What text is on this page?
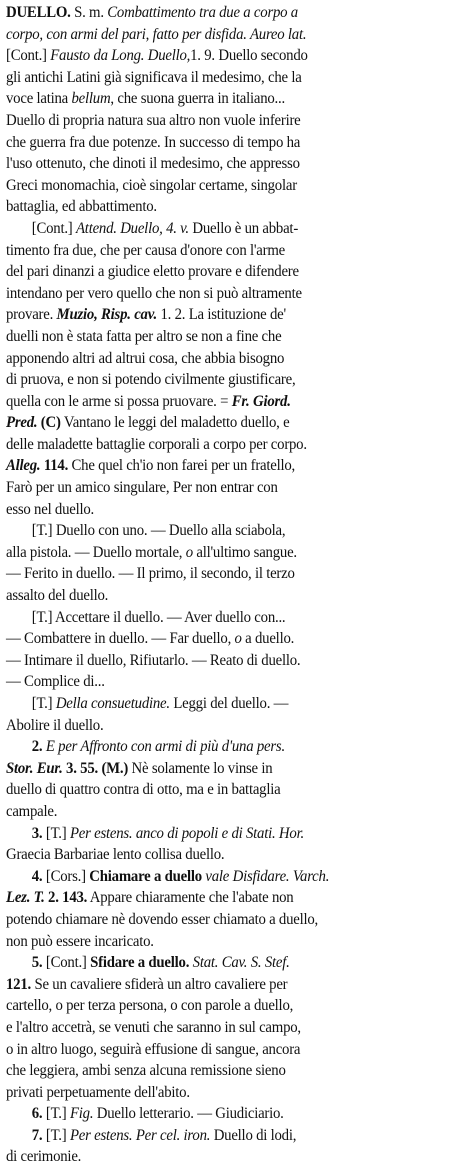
DUELLO. S. m. Combattimento tra due a corpo a
corpo, con armi del pari, fatto per disfida. Aureo lat.
[Cont.] Fausto da Long. Duello,1. 9. Duello secondo
gli antichi Latini già significava il medesimo, che la
voce latina bellum, che suona guerra in italiano...
Duello di propria natura sua altro non vuole inferire
che guerra fra due potenze. In successo di tempo ha
l'uso ottenuto, che dinoti il medesimo, che appresso
Greci monomachia, cioè singolar certame, singolar
battaglia, ed abbattimento.
[Cont.] Attend. Duello, 4. v. Duello è un abbat-
timento fra due, che per causa d'onore con l'arme
del pari dinanzi a giudice eletto provare e difendere
intendano per vero quello che non si può altramente
provare. Muzio, Risp. cav. 1. 2. La istituzione de'
duelli non è stata fatta per altro se non a fine che
apponendo altri ad altrui cosa, che abbia bisogno
di pruova, e non si potendo civilmente giustificare,
quella con le arme si possa pruovare. = Fr. Giord.
Pred. (C) Vantano le leggi del maladetto duello, e
delle maladette battaglie corporali a corpo per corpo.
Alleg. 114. Che quel ch'io non farei per un fratello,
Farò per un amico singulare, Per non entrar con
esso nel duello.
[T.] Duello con uno. — Duello alla sciabola,
alla pistola. — Duello mortale, o all'ultimo sangue.
— Ferito in duello. — Il primo, il secondo, il terzo
assalto del duello.
[T.] Accettare il duello. — Aver duello con...
— Combattere in duello. — Far duello, o a duello.
— Intimare il duello, Rifiutarlo. — Reato di duello.
— Complice di...
[T.] Della consuetudine. Leggi del duello. —
Abolire il duello.
2. E per Affronto con armi di più d'una pers.
Stor. Eur. 3. 55. (M.) Nè solamente lo vinse in
duello di quattro contra di otto, ma e in battaglia
campale.
3. [T.] Per estens. anco di popoli e di Stati. Hor.
Graecia Barbariae lento collisa duello.
4. [Cors.] Chiamare a duello vale Disfidare. Varch.
Lez. T. 2. 143. Appare chiaramente che l'abate non
potendo chiamare nè dovendo esser chiamato a duello,
non può essere incaricato.
5. [Cont.] Sfidare a duello. Stat. Cav. S. Stef.
121. Se un cavaliere sfiderà un altro cavaliere per
cartello, o per terza persona, o con parole a duello,
e l'altro accetrà, se venuti che saranno in sul campo,
o in altro luogo, seguirà effusione di sangue, ancora
che leggiera, ambi senza alcuna remissione sieno
privati perpetuamente dell'abito.
6. [T.] Fig. Duello letterario. — Giudiciario.
7. [T.] Per estens. Per cel. iron. Duello di lodi,
di cerimonie.
